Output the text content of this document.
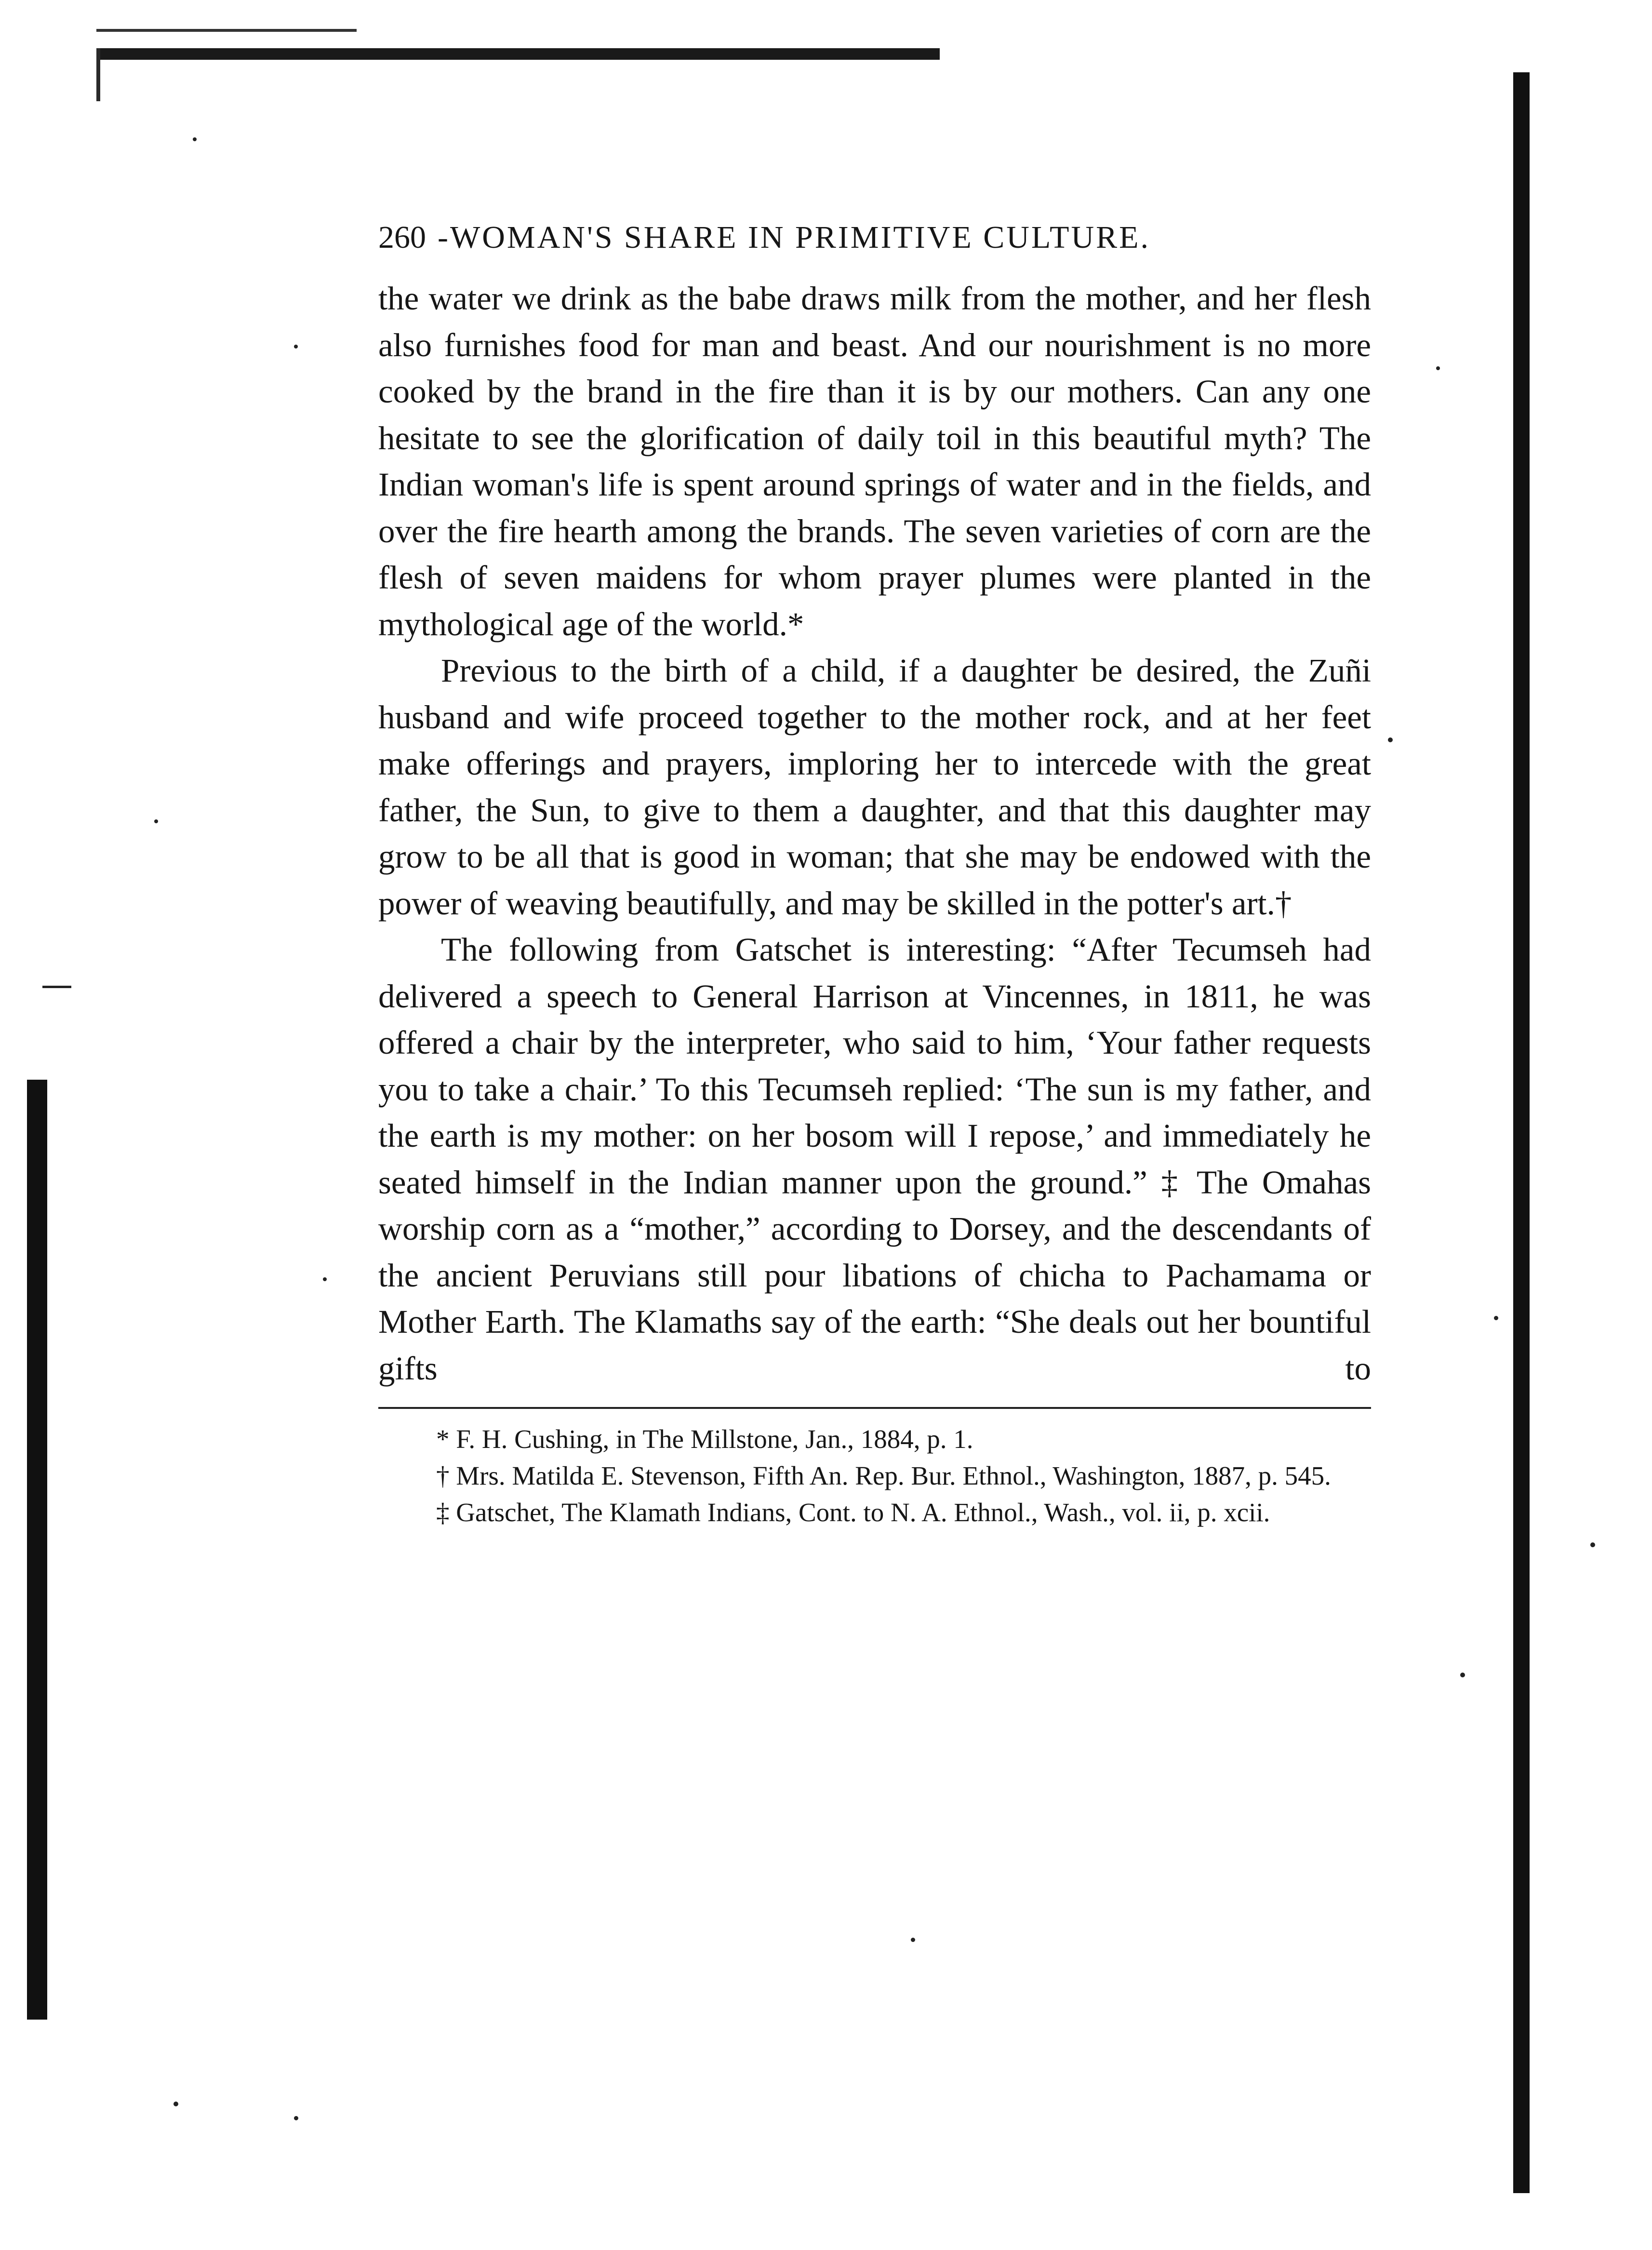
260 -WOMAN'S SHARE IN PRIMITIVE CULTURE.

the water we drink as the babe draws milk from the mother, and her flesh also furnishes food for man and beast. And our nourishment is no more cooked by the brand in the fire than it is by our mothers. Can any one hesitate to see the glorification of daily toil in this beautiful myth? The Indian woman's life is spent around springs of water and in the fields, and over the fire hearth among the brands. The seven varieties of corn are the flesh of seven maidens for whom prayer plumes were planted in the mythological age of the world.*

Previous to the birth of a child, if a daughter be desired, the Zuñi husband and wife proceed together to the mother rock, and at her feet make offerings and prayers, imploring her to intercede with the great father, the Sun, to give to them a daughter, and that this daughter may grow to be all that is good in woman; that she may be endowed with the power of weaving beautifully, and may be skilled in the potter's art.†

The following from Gatschet is interesting: “After Tecumseh had delivered a speech to General Harrison at Vincennes, in 1811, he was offered a chair by the interpreter, who said to him, ‘Your father requests you to take a chair.’ To this Tecumseh replied: ‘The sun is my father, and the earth is my mother: on her bosom will I repose,’ and immediately he seated himself in the Indian manner upon the ground.” ‡ The Omahas worship corn as a “mother,” according to Dorsey, and the descendants of the ancient Peruvians still pour libations of chicha to Pachamama or Mother Earth. The Klamaths say of the earth: “She deals out her bountiful gifts to

* F. H. Cushing, in The Millstone, Jan., 1884, p. 1.

† Mrs. Matilda E. Stevenson, Fifth An. Rep. Bur. Ethnol., Washington, 1887, p. 545.

‡ Gatschet, The Klamath Indians, Cont. to N. A. Ethnol., Wash., vol. ii, p. xcii.
